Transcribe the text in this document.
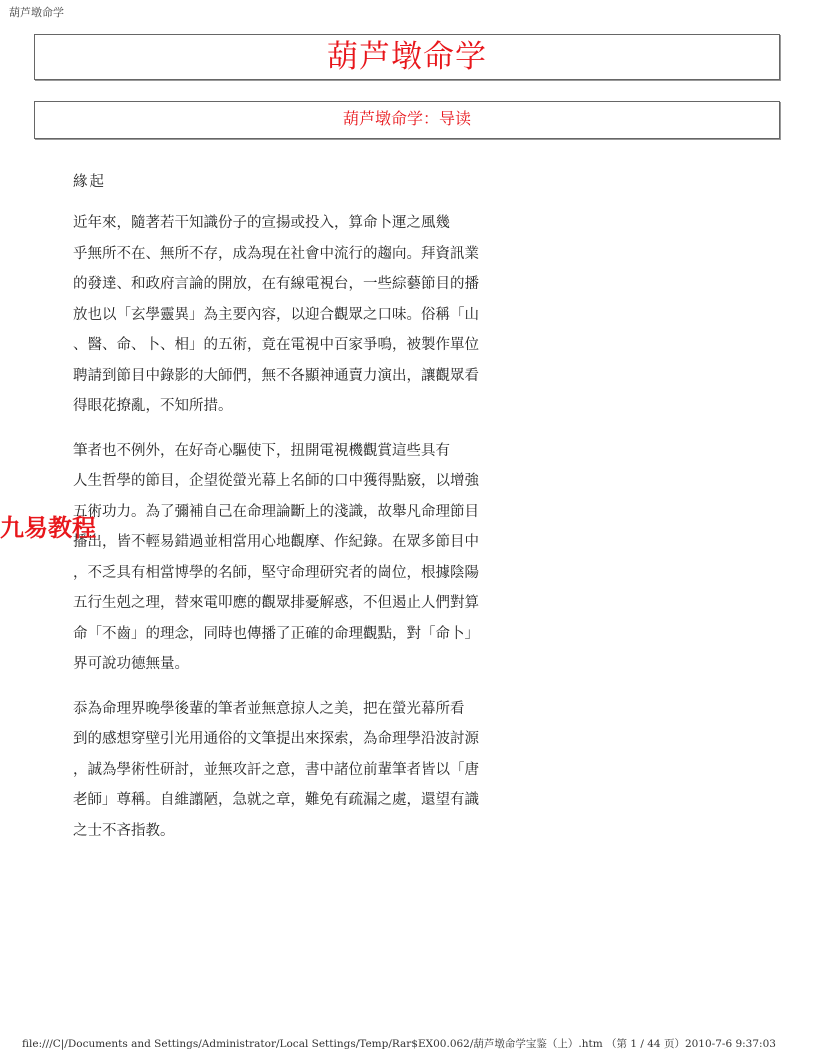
葫芦墩命学
葫芦墩命学
葫芦墩命学：导读
緣起
近年來，隨著若干知識份子的宣揚或投入，算命卜運之風幾
乎無所不在、無所不存，成為現在社會中流行的趨向。拜資訊業
的發達、和政府言論的開放，在有線電視台，一些綜藝節目的播
放也以「玄學靈異」為主要內容，以迎合觀眾之口味。俗稱「山
、醫、命、卜、相」的五術，竟在電視中百家爭鳴，被製作單位
聘請到節目中錄影的大師們，無不各顯神通賣力演出，讓觀眾看
得眼花撩亂，不知所措。
筆者也不例外，在好奇心驅使下，扭開電視機觀賞這些具有
人生哲學的節目，企望從螢光幕上名師的口中獲得點竅，以增強
五術功力。為了彌補自己在命理論斷上的淺識，故舉凡命理節目
播出，皆不輕易錯過並相當用心地觀摩、作紀錄。在眾多節目中
，不乏具有相當博學的名師，堅守命理研究者的崗位，根據陰陽
五行生剋之理，替來電叩應的觀眾排憂解惑，不但遏止人們對算
命「不齒」的理念，同時也傳播了正確的命理觀點，對「命卜」
界可說功德無量。
忝為命理界晚學後輩的筆者並無意掠人之美，把在螢光幕所看
到的感想穿壁引光用通俗的文筆提出來探索，為命理學沿波討源
，誠為學術性研討，並無攻訐之意，書中諸位前輩筆者皆以「唐
老師」尊稱。自維譾陋，急就之章，難免有疏漏之處，還望有識
之士不吝指教。
九易教程
file:///C|/Documents and Settings/Administrator/Local Settings/Temp/Rar$EX00.062/葫芦墩命学宝鉴（上）.htm （第 1 / 44 页）2010-7-6 9:37:03
